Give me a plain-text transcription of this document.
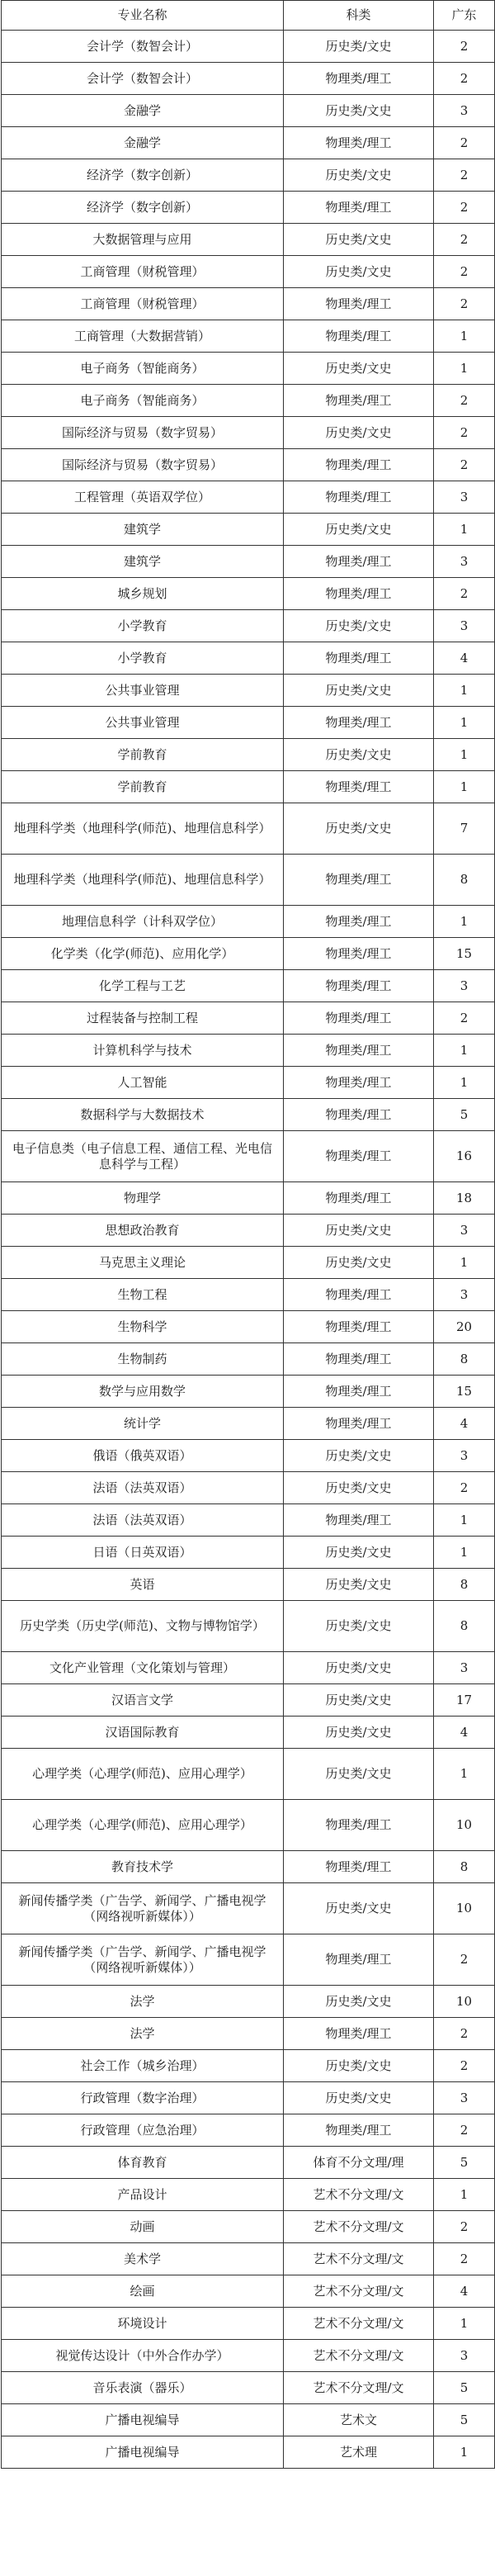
专业名称	科类	广东
会计学（数智会计）	历史类/文史	2
会计学（数智会计）	物理类/理工	2
金融学	历史类/文史	3
金融学	物理类/理工	2
经济学（数字创新）	历史类/文史	2
经济学（数字创新）	物理类/理工	2
大数据管理与应用	历史类/文史	2
工商管理（财税管理）	历史类/文史	2
工商管理（财税管理）	物理类/理工	2
工商管理（大数据营销）	物理类/理工	1
电子商务（智能商务）	历史类/文史	1
电子商务（智能商务）	物理类/理工	2
国际经济与贸易（数字贸易）	历史类/文史	2
国际经济与贸易（数字贸易）	物理类/理工	2
工程管理（英语双学位）	物理类/理工	3
建筑学	历史类/文史	1
建筑学	物理类/理工	3
城乡规划	物理类/理工	2
小学教育	历史类/文史	3
小学教育	物理类/理工	4
公共事业管理	历史类/文史	1
公共事业管理	物理类/理工	1
学前教育	历史类/文史	1
学前教育	物理类/理工	1
地理科学类（地理科学(师范)、地理信息科学）	历史类/文史	7
地理科学类（地理科学(师范)、地理信息科学）	物理类/理工	8
地理信息科学（计科双学位）	物理类/理工	1
化学类（化学(师范)、应用化学）	物理类/理工	15
化学工程与工艺	物理类/理工	3
过程装备与控制工程	物理类/理工	2
计算机科学与技术	物理类/理工	1
人工智能	物理类/理工	1
数据科学与大数据技术	物理类/理工	5
电子信息类（电子信息工程、通信工程、光电信息科学与工程）	物理类/理工	16
物理学	物理类/理工	18
思想政治教育	历史类/文史	3
马克思主义理论	历史类/文史	1
生物工程	物理类/理工	3
生物科学	物理类/理工	20
生物制药	物理类/理工	8
数学与应用数学	物理类/理工	15
统计学	物理类/理工	4
俄语（俄英双语）	历史类/文史	3
法语（法英双语）	历史类/文史	2
法语（法英双语）	物理类/理工	1
日语（日英双语）	历史类/文史	1
英语	历史类/文史	8
历史学类（历史学(师范)、文物与博物馆学）	历史类/文史	8
文化产业管理（文化策划与管理）	历史类/文史	3
汉语言文学	历史类/文史	17
汉语国际教育	历史类/文史	4
心理学类（心理学(师范)、应用心理学）	历史类/文史	1
心理学类（心理学(师范)、应用心理学）	物理类/理工	10
教育技术学	物理类/理工	8
新闻传播学类（广告学、新闻学、广播电视学（网络视听新媒体））	历史类/文史	10
新闻传播学类（广告学、新闻学、广播电视学（网络视听新媒体））	物理类/理工	2
法学	历史类/文史	10
法学	物理类/理工	2
社会工作（城乡治理）	历史类/文史	2
行政管理（数字治理）	历史类/文史	3
行政管理（应急治理）	物理类/理工	2
体育教育	体育不分文理/理	5
产品设计	艺术不分文理/文	1
动画	艺术不分文理/文	2
美术学	艺术不分文理/文	2
绘画	艺术不分文理/文	4
环境设计	艺术不分文理/文	1
视觉传达设计（中外合作办学）	艺术不分文理/文	3
音乐表演（器乐）	艺术不分文理/文	5
广播电视编导	艺术文	5
广播电视编导	艺术理	1
